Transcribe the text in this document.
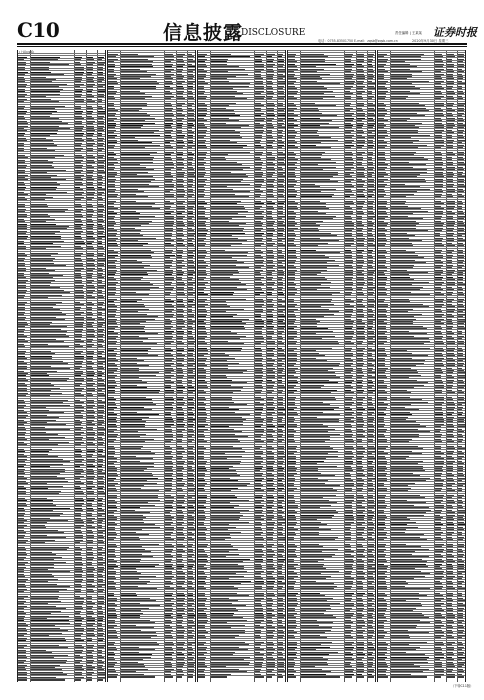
C10	信息披露
DISCLOSURE
电话：0755-83501750 E-mail：zqsb@zqsb.com.cn
责任编辑 | 王某某 证券时报
2020年9月30日 星期三
(上接C9版)
（下转C11版）
